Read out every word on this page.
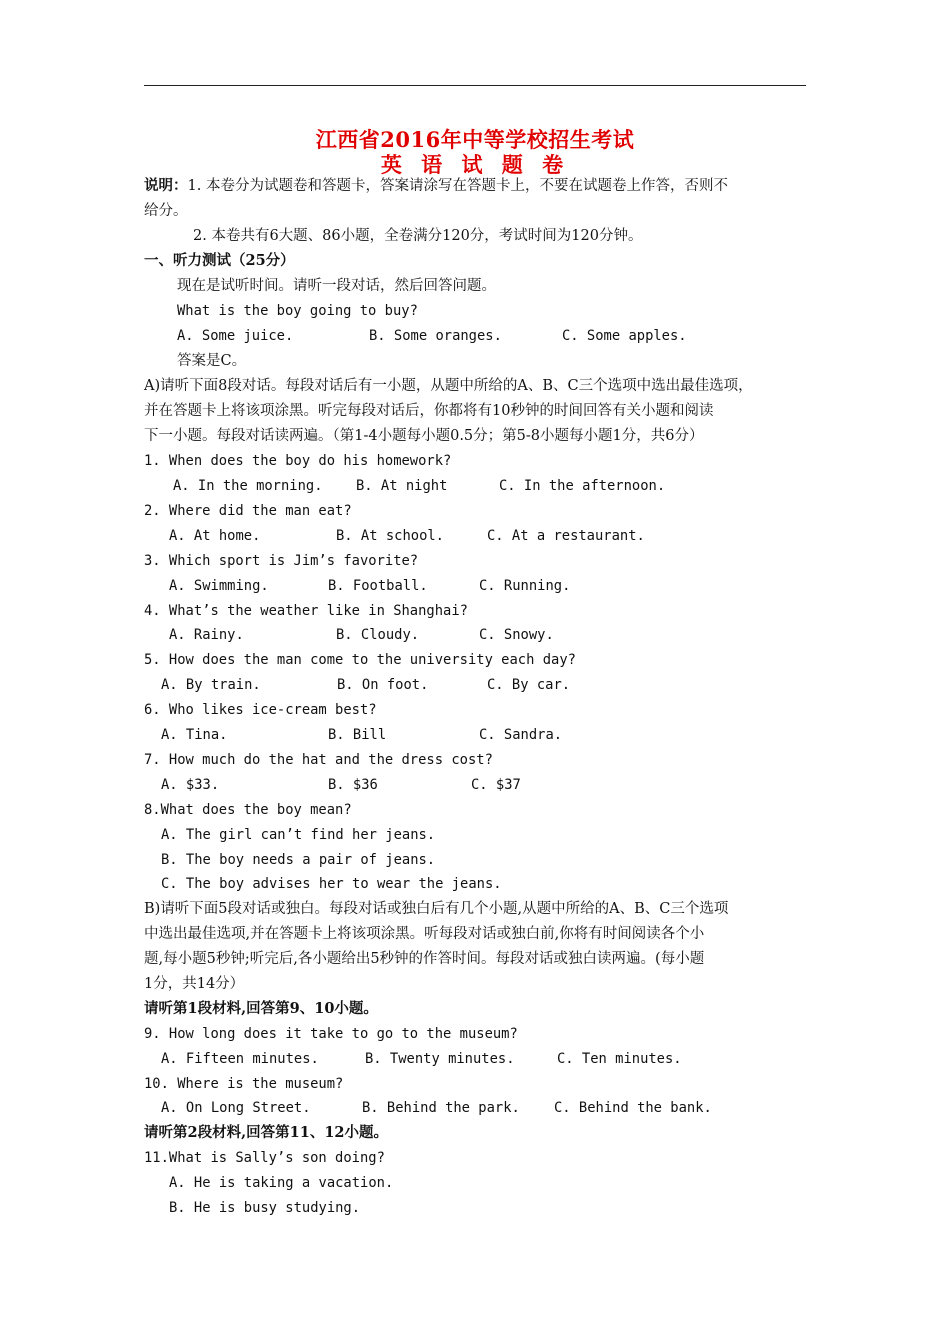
江西省2016年中等学校招生考试
英 语 试 题 卷
说明：1. 本卷分为试题卷和答题卡，答案请涂写在答题卡上，不要在试题卷上作答，否则不
给分。
2. 本卷共有6大题、86小题，全卷满分120分，考试时间为120分钟。
一、听力测试（25分）
现在是试听时间。请听一段对话，然后回答问题。
What is the boy going to buy?
A. Some juice.	B. Some oranges.	C. Some apples.
答案是C。
A)请听下面8段对话。每段对话后有一小题，从题中所给的A、B、C三个选项中选出最佳选项，
并在答题卡上将该项涂黑。听完每段对话后，你都将有10秒钟的时间回答有关小题和阅读
下一小题。每段对话读两遍。（第1-4小题每小题0.5分；第5-8小题每小题1分，共6分）
1. When does the boy do his homework?
A. In the morning. B. At night	C. In the afternoon.
2. Where did the man eat?
A. At home.	B. At school.	C. At a restaurant.
3. Which sport is Jim’s favorite?
A. Swimming.	B. Football.	C. Running.
4. What’s the weather like in Shanghai?
A. Rainy.	B. Cloudy.	C. Snowy.
5. How does the man come to the university each day?
A. By train.	B. On foot.	C. By car.
6. Who likes ice-cream best?
A. Tina.	B. Bill	C. Sandra.
7. How much do the hat and the dress cost?
A. $33.	B. $36	C. $37
8.What does the boy mean?
A. The girl can’t find her jeans.
B. The boy needs a pair of jeans.
C. The boy advises her to wear the jeans.
B)请听下面5段对话或独白。每段对话或独白后有几个小题,从题中所给的A、B、C三个选项
中选出最佳选项,并在答题卡上将该项涂黑。听每段对话或独白前,你将有时间阅读各个小
题,每小题5秒钟;听完后,各小题给出5秒钟的作答时间。每段对话或独白读两遍。(每小题
1分，共14分）
请听第1段材料,回答第9、10小题。
9. How long does it take to go to the museum?
A. Fifteen minutes.	B. Twenty minutes.	C. Ten minutes.
10. Where is the museum?
A. On Long Street.	B. Behind the park. C. Behind the bank.
请听第2段材料,回答第11、12小题。
11.What is Sally’s son doing?
A. He is taking a vacation.
B. He is busy studying.
